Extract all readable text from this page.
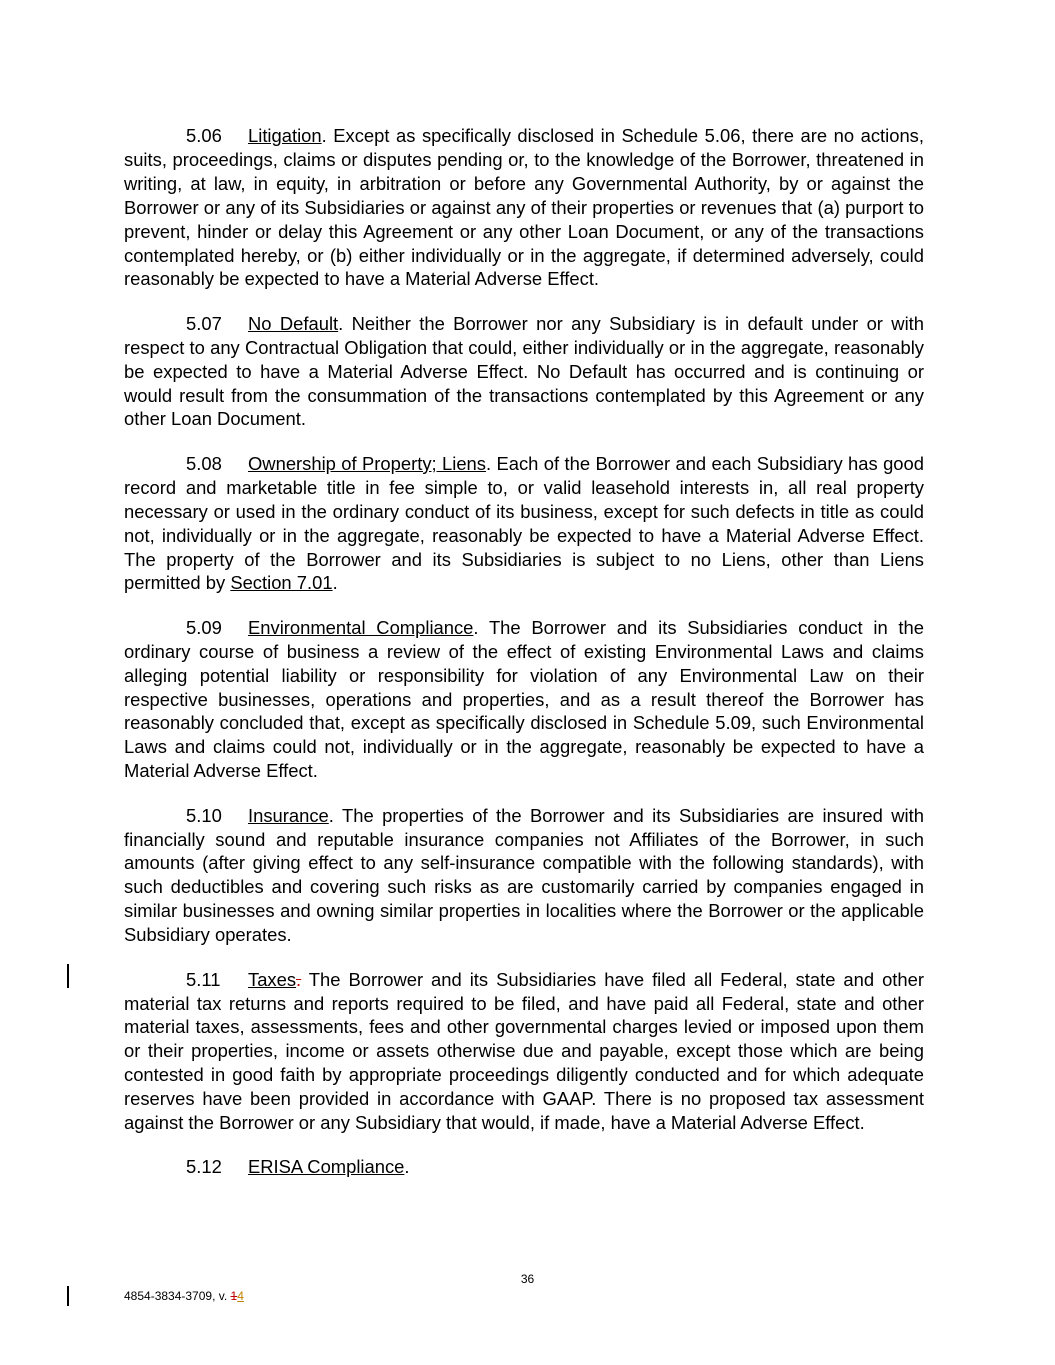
5.06 Litigation. Except as specifically disclosed in Schedule 5.06, there are no actions, suits, proceedings, claims or disputes pending or, to the knowledge of the Borrower, threatened in writing, at law, in equity, in arbitration or before any Governmental Authority, by or against the Borrower or any of its Subsidiaries or against any of their properties or revenues that (a) purport to prevent, hinder or delay this Agreement or any other Loan Document, or any of the transactions contemplated hereby, or (b) either individually or in the aggregate, if determined adversely, could reasonably be expected to have a Material Adverse Effect.

5.07 No Default. Neither the Borrower nor any Subsidiary is in default under or with respect to any Contractual Obligation that could, either individually or in the aggregate, reasonably be expected to have a Material Adverse Effect. No Default has occurred and is continuing or would result from the consummation of the transactions contemplated by this Agreement or any other Loan Document.

5.08 Ownership of Property; Liens. Each of the Borrower and each Subsidiary has good record and marketable title in fee simple to, or valid leasehold interests in, all real property necessary or used in the ordinary conduct of its business, except for such defects in title as could not, individually or in the aggregate, reasonably be expected to have a Material Adverse Effect. The property of the Borrower and its Subsidiaries is subject to no Liens, other than Liens permitted by Section 7.01.

5.09 Environmental Compliance. The Borrower and its Subsidiaries conduct in the ordinary course of business a review of the effect of existing Environmental Laws and claims alleging potential liability or responsibility for violation of any Environmental Law on their respective businesses, operations and properties, and as a result thereof the Borrower has reasonably concluded that, except as specifically disclosed in Schedule 5.09, such Environmental Laws and claims could not, individually or in the aggregate, reasonably be expected to have a Material Adverse Effect.

5.10 Insurance. The properties of the Borrower and its Subsidiaries are insured with financially sound and reputable insurance companies not Affiliates of the Borrower, in such amounts (after giving effect to any self-insurance compatible with the following standards), with such deductibles and covering such risks as are customarily carried by companies engaged in similar businesses and owning similar properties in localities where the Borrower or the applicable Subsidiary operates.

5.11 Taxes. The Borrower and its Subsidiaries have filed all Federal, state and other material tax returns and reports required to be filed, and have paid all Federal, state and other material taxes, assessments, fees and other governmental charges levied or imposed upon them or their properties, income or assets otherwise due and payable, except those which are being contested in good faith by appropriate proceedings diligently conducted and for which adequate reserves have been provided in accordance with GAAP. There is no proposed tax assessment against the Borrower or any Subsidiary that would, if made, have a Material Adverse Effect.

5.12 ERISA Compliance.

36
4854-3834-3709, v. 14
